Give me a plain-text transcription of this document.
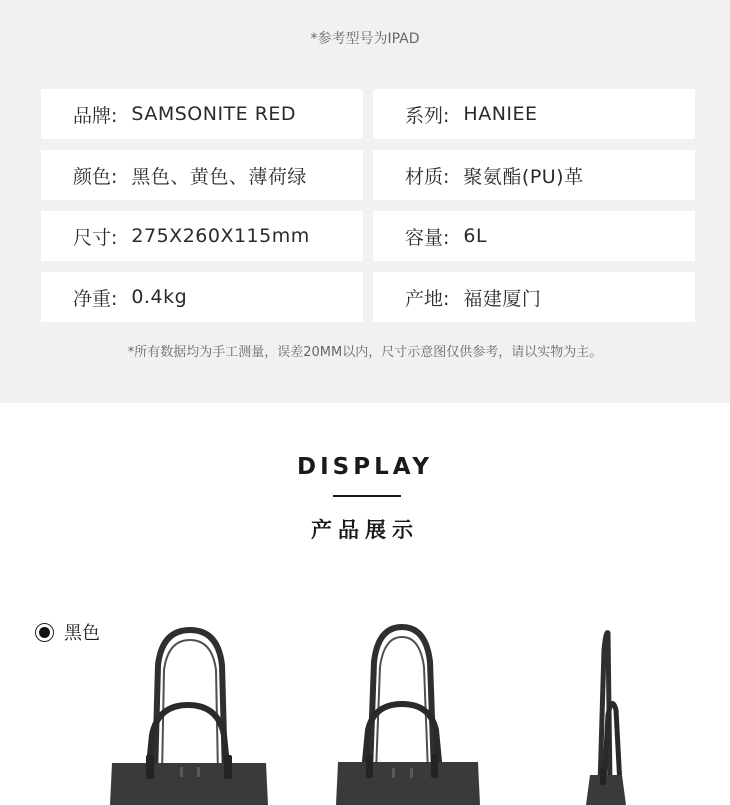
*参考型号为IPAD
品牌: SAMSONITE RED	系列: HANIEE
颜色: 黑色、黄色、薄荷绿	材质: 聚氨酯(PU)革
尺寸: 275X260X115mm	容量: 6L
净重: 0.4kg	产地: 福建厦门
*所有数据均为手工测量，误差20MM以内，尺寸示意图仅供参考，请以实物为主。
DISPLAY
产品展示
黑色
